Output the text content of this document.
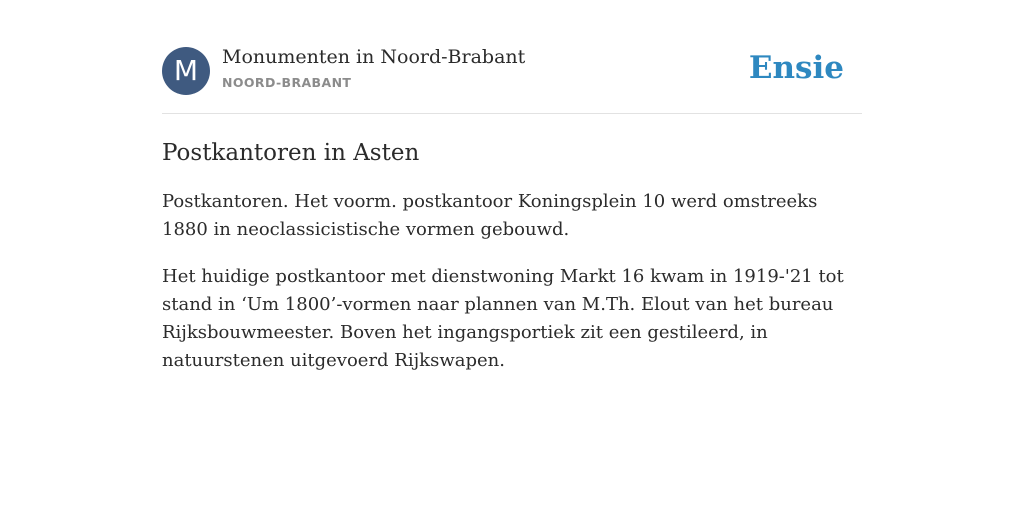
M	Monumenten in Noord-Brabant
NOORD-BRABANT	Ensie
Postkantoren in Asten

Postkantoren. Het voorm. postkantoor Koningsplein 10 werd omstreeks 1880 in neoclassicistische vormen gebouwd.

Het huidige postkantoor met dienstwoning Markt 16 kwam in 1919-'21 tot stand in ‘Um 1800’-vormen naar plannen van M.Th. Elout van het bureau Rijksbouwmeester. Boven het ingangsportiek zit een gestileerd, in natuurstenen uitgevoerd Rijkswapen.
